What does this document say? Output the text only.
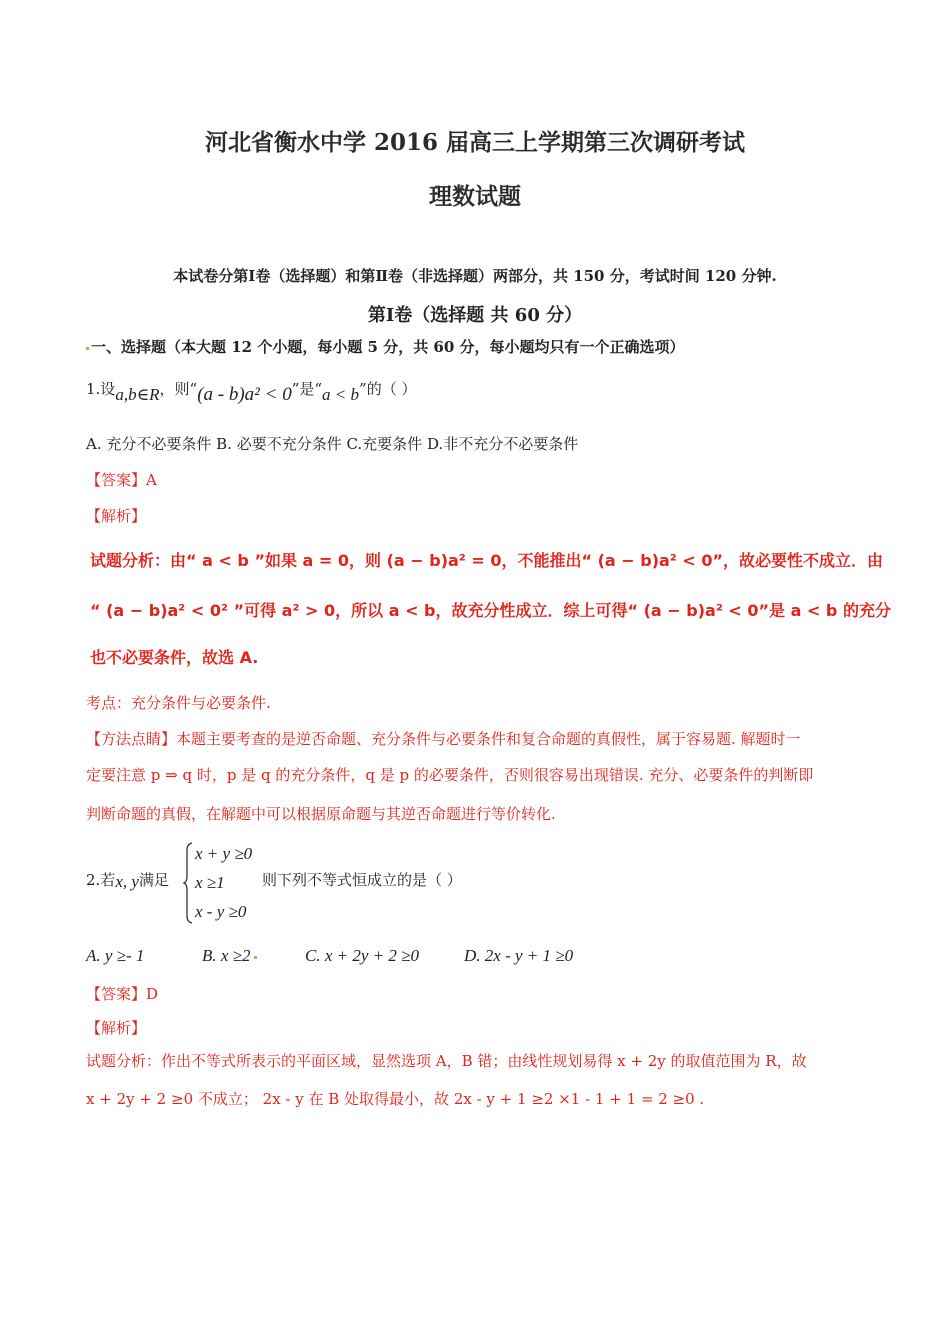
河北省衡水中学 2016 届高三上学期第三次调研考试
理数试题
本试卷分第Ⅰ卷（选择题）和第Ⅱ卷（非选择题）两部分，共 150 分，考试时间 120 分钟.
第Ⅰ卷（选择题 共 60 分）
一、选择题（本大题 12 个小题，每小题 5 分，共 60 分，每小题均只有一个正确选项）
1.设a,b∈R，则“(a - b)a² < 0”是“a < b”的（ ）
A. 充分不必要条件 B. 必要不充分条件 C.充要条件 D.非不充分不必要条件
【答案】A
【解析】
试题分析：由“ a < b ”如果 a = 0，则 (a − b)a² = 0，不能推出“ (a − b)a² < 0”，故必要性不成立．由
“ (a − b)a² < 0² ”可得 a² > 0，所以 a < b，故充分性成立．综上可得“ (a − b)a² < 0”是 a < b 的充分
也不必要条件，故选 A.
考点：充分条件与必要条件.
【方法点睛】本题主要考查的是逆否命题、充分条件与必要条件和复合命题的真假性，属于容易题. 解题时一
定要注意 p ⇒ q 时，p 是 q 的充分条件，q 是 p 的必要条件，否则很容易出现错误. 充分、必要条件的判断即
判断命题的真假，在解题中可以根据原命题与其逆否命题进行等价转化.
2.若x, y满足
x + y ≥0
x ≥1
x - y ≥0
则下列不等式恒成立的是（ ）
A. y ≥- 1	B. x ≥2	C. x + 2y + 2 ≥0	D. 2x - y + 1 ≥0
【答案】D
【解析】
试题分析：作出不等式所表示的平面区域，显然选项 A，B 错；由线性规划易得 x + 2y 的取值范围为 R，故
x + 2y + 2 ≥0 不成立； 2x - y 在 B 处取得最小，故 2x - y + 1 ≥2 ×1 - 1 + 1 = 2 ≥0 .
